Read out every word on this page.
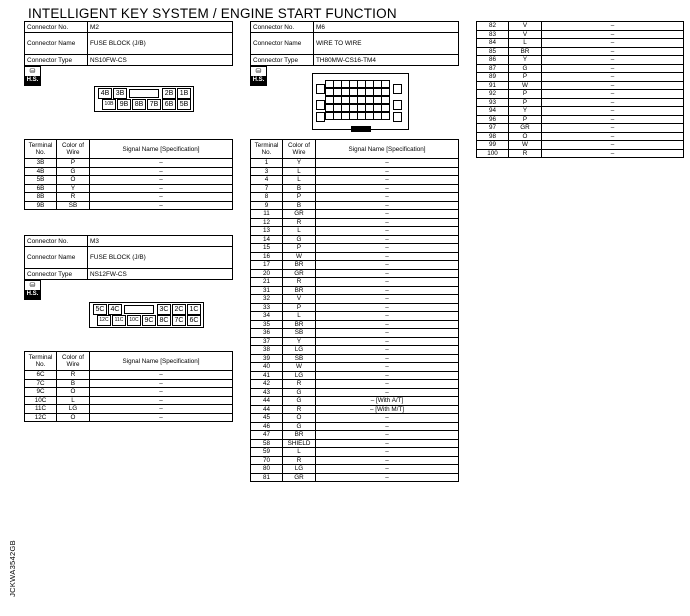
INTELLIGENT KEY SYSTEM / ENGINE START FUNCTION
Connector No.	M2
Connector Name	FUSE BLOCK (J/B)
Connector Type	NS10FW-CS
⛁
H.S.
4B 3B	2B 1B
10B 9B 8B 7B 6B 5B
Terminal No.	Color of Wire	Signal Name [Specification]
3B	P	–
4B	G	–
5B	O	–
6B	Y	–
8B	R	–
9B	SB	–
Connector No.	M3
Connector Name	FUSE BLOCK (J/B)
Connector Type	NS12FW-CS
⛁
H.S.
5C 4C	3C 2C 1C
12C	11C	10C 9C 8C 7C 6C
Terminal No.	Color of Wire	Signal Name [Specification]
6C	R	–
7C	B	–
9C	O	–
10C	L	–
11C	LG	–
12C	O	–
Connector No.	M6
Connector Name	WIRE TO WIRE
Connector Type	TH80MW-CS16-TM4
⛁
H.S.
Terminal No.	Color of Wire	Signal Name [Specification]
1	Y	–
3	L	–
4	L	–
7	B	–
8	P	–
9	B	–
11	GR	–
12	R	–
13	L	–
14	G	–
15	P	–
16	W	–
17	BR	–
20	GR	–
21	R	–
31	BR	–
32	V	–
33	P	–
34	L	–
35	BR	–
36	SB	–
37	Y	–
38	LG	–
39	SB	–
40	W	–
41	LG	–
42	R	–
43	G	–
44	G	– [With A/T]
44	R	– [With M/T]
45	O	–
46	G	–
47	BR	–
58	SHIELD	–
59	L	–
70	R	–
80	LG	–
81	GR	–
82	V	–
83	V	–
84	L	–
85	BR	–
86	Y	–
87	G	–
89	P	–
91	W	–
92	P	–
93	P	–
94	Y	–
96	P	–
97	GR	–
98	O	–
99	W	–
100	R	–
JCKWA3542GB
